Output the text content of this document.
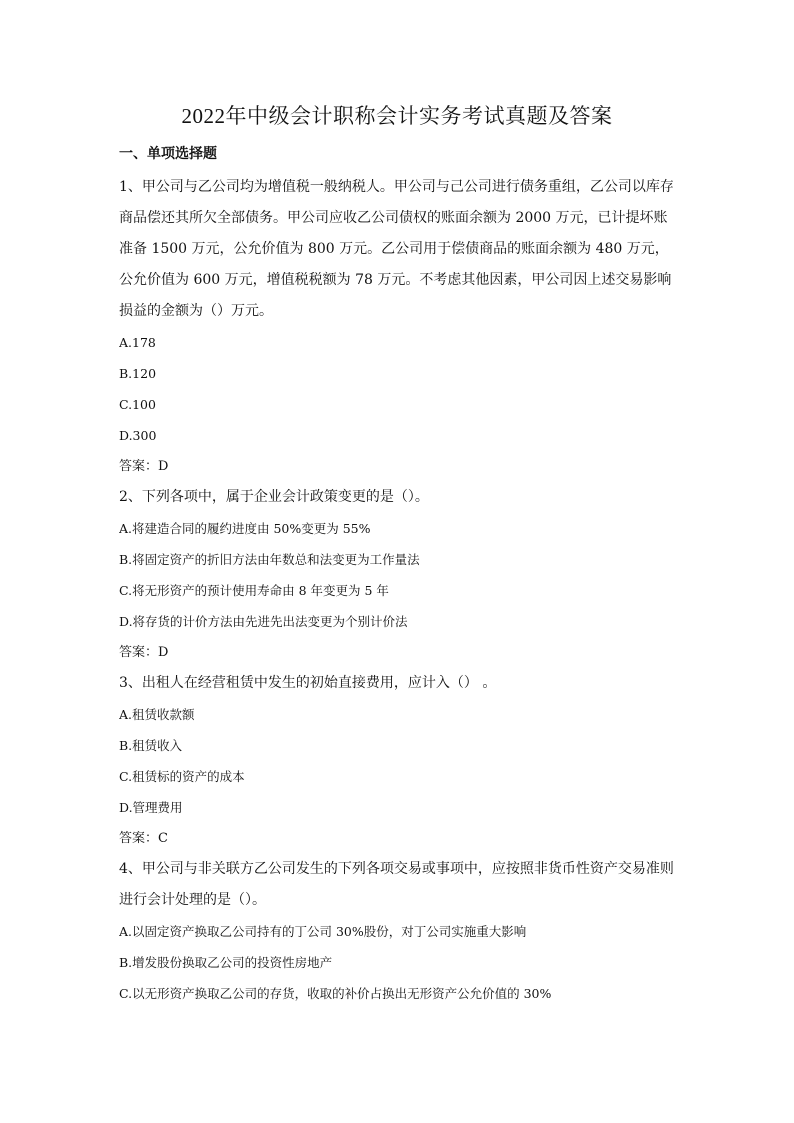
2022年中级会计职称会计实务考试真题及答案
一、单项选择题
1、甲公司与乙公司均为增值税一般纳税人。甲公司与己公司进行债务重组，乙公司以库存
商品偿还其所欠全部债务。甲公司应收乙公司债权的账面余额为 2000 万元，已计提坏账
准备 1500 万元，公允价值为 800 万元。乙公司用于偿债商品的账面余额为 480 万元，
公允价值为 600 万元，增值税税额为 78 万元。不考虑其他因素，甲公司因上述交易影响
损益的金额为（）万元。
A.178
B.120
C.100
D.300
答案：D
2、下列各项中，属于企业会计政策变更的是（）。
A.将建造合同的履约进度由 50%变更为 55%
B.将固定资产的折旧方法由年数总和法变更为工作量法
C.将无形资产的预计使用寿命由 8 年变更为 5 年
D.将存货的计价方法由先进先出法变更为个别计价法
答案：D
3、出租人在经营租赁中发生的初始直接费用，应计入（） 。
A.租赁收款额
B.租赁收入
C.租赁标的资产的成本
D.管理费用
答案：C
4、甲公司与非关联方乙公司发生的下列各项交易或事项中，应按照非货币性资产交易准则
进行会计处理的是（）。
A.以固定资产换取乙公司持有的丁公司 30%股份，对丁公司实施重大影响
B.增发股份换取乙公司的投资性房地产
C.以无形资产换取乙公司的存货，收取的补价占换出无形资产公允价值的 30%
